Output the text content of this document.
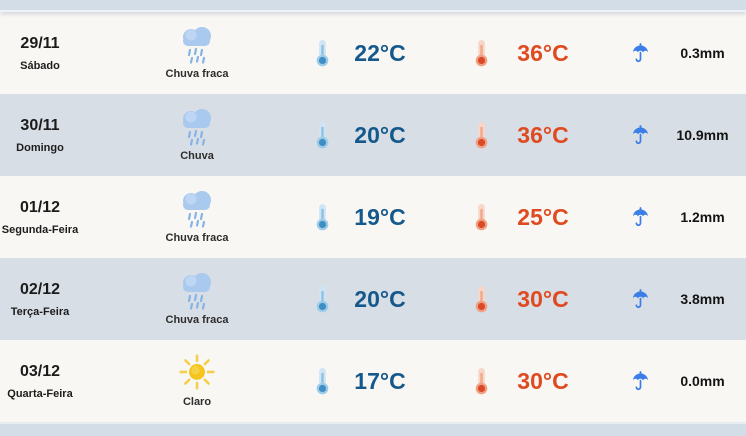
29/11
Sábado
Chuva fraca
22°C	36°C	0.3mm
30/11
Domingo
Chuva
20°C	36°C	10.9mm
01/12
Segunda-Feira
Chuva fraca
19°C	25°C	1.2mm
02/12
Terça-Feira
Chuva fraca
20°C	30°C	3.8mm
03/12
Quarta-Feira
Claro
17°C	30°C	0.0mm
